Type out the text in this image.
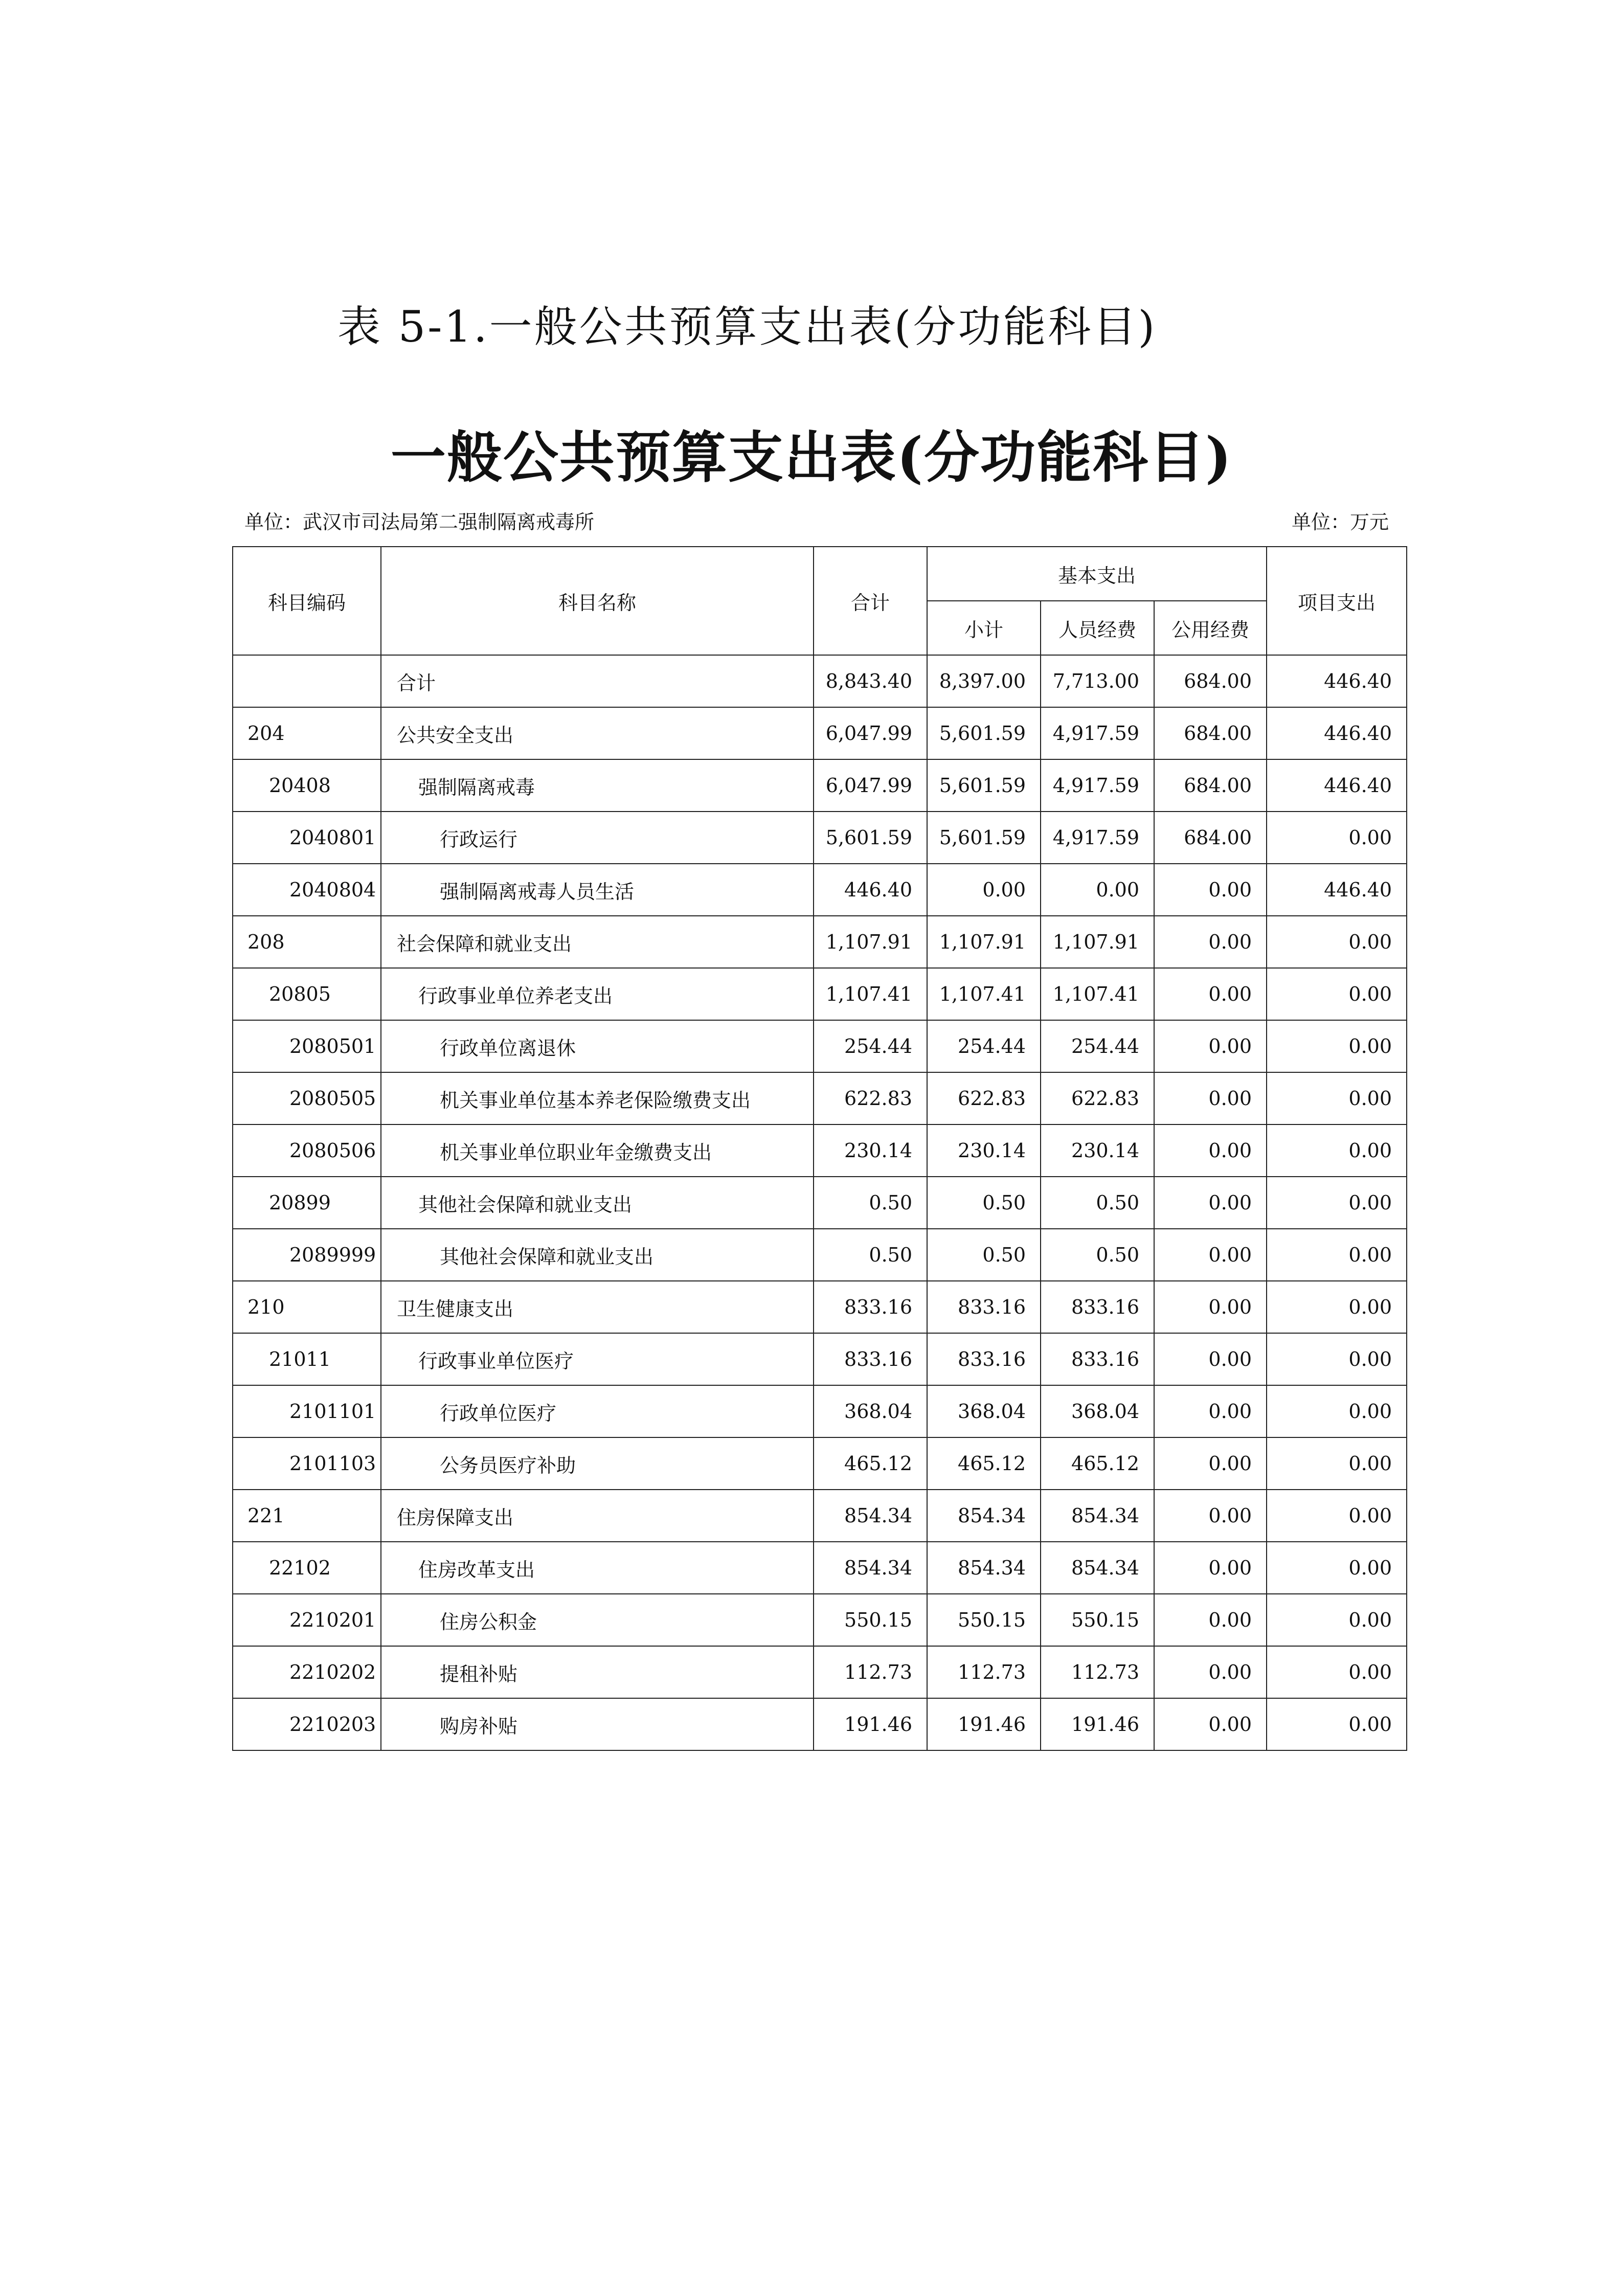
表 5-1.一般公共预算支出表(分功能科目)
一般公共预算支出表(分功能科目)
单位：武汉市司法局第二强制隔离戒毒所	单位：万元
科目编码	科目名称	合计	基本支出			项目支出
			小计	人员经费	公用经费	
	合计	8,843.40	8,397.00	7,713.00	684.00	446.40
204	公共安全支出	6,047.99	5,601.59	4,917.59	684.00	446.40
20408	强制隔离戒毒	6,047.99	5,601.59	4,917.59	684.00	446.40
2040801	行政运行	5,601.59	5,601.59	4,917.59	684.00	0.00
2040804	强制隔离戒毒人员生活	446.40	0.00	0.00	0.00	446.40
208	社会保障和就业支出	1,107.91	1,107.91	1,107.91	0.00	0.00
20805	行政事业单位养老支出	1,107.41	1,107.41	1,107.41	0.00	0.00
2080501	行政单位离退休	254.44	254.44	254.44	0.00	0.00
2080505	机关事业单位基本养老保险缴费支出	622.83	622.83	622.83	0.00	0.00
2080506	机关事业单位职业年金缴费支出	230.14	230.14	230.14	0.00	0.00
20899	其他社会保障和就业支出	0.50	0.50	0.50	0.00	0.00
2089999	其他社会保障和就业支出	0.50	0.50	0.50	0.00	0.00
210	卫生健康支出	833.16	833.16	833.16	0.00	0.00
21011	行政事业单位医疗	833.16	833.16	833.16	0.00	0.00
2101101	行政单位医疗	368.04	368.04	368.04	0.00	0.00
2101103	公务员医疗补助	465.12	465.12	465.12	0.00	0.00
221	住房保障支出	854.34	854.34	854.34	0.00	0.00
22102	住房改革支出	854.34	854.34	854.34	0.00	0.00
2210201	住房公积金	550.15	550.15	550.15	0.00	0.00
2210202	提租补贴	112.73	112.73	112.73	0.00	0.00
2210203	购房补贴	191.46	191.46	191.46	0.00	0.00
